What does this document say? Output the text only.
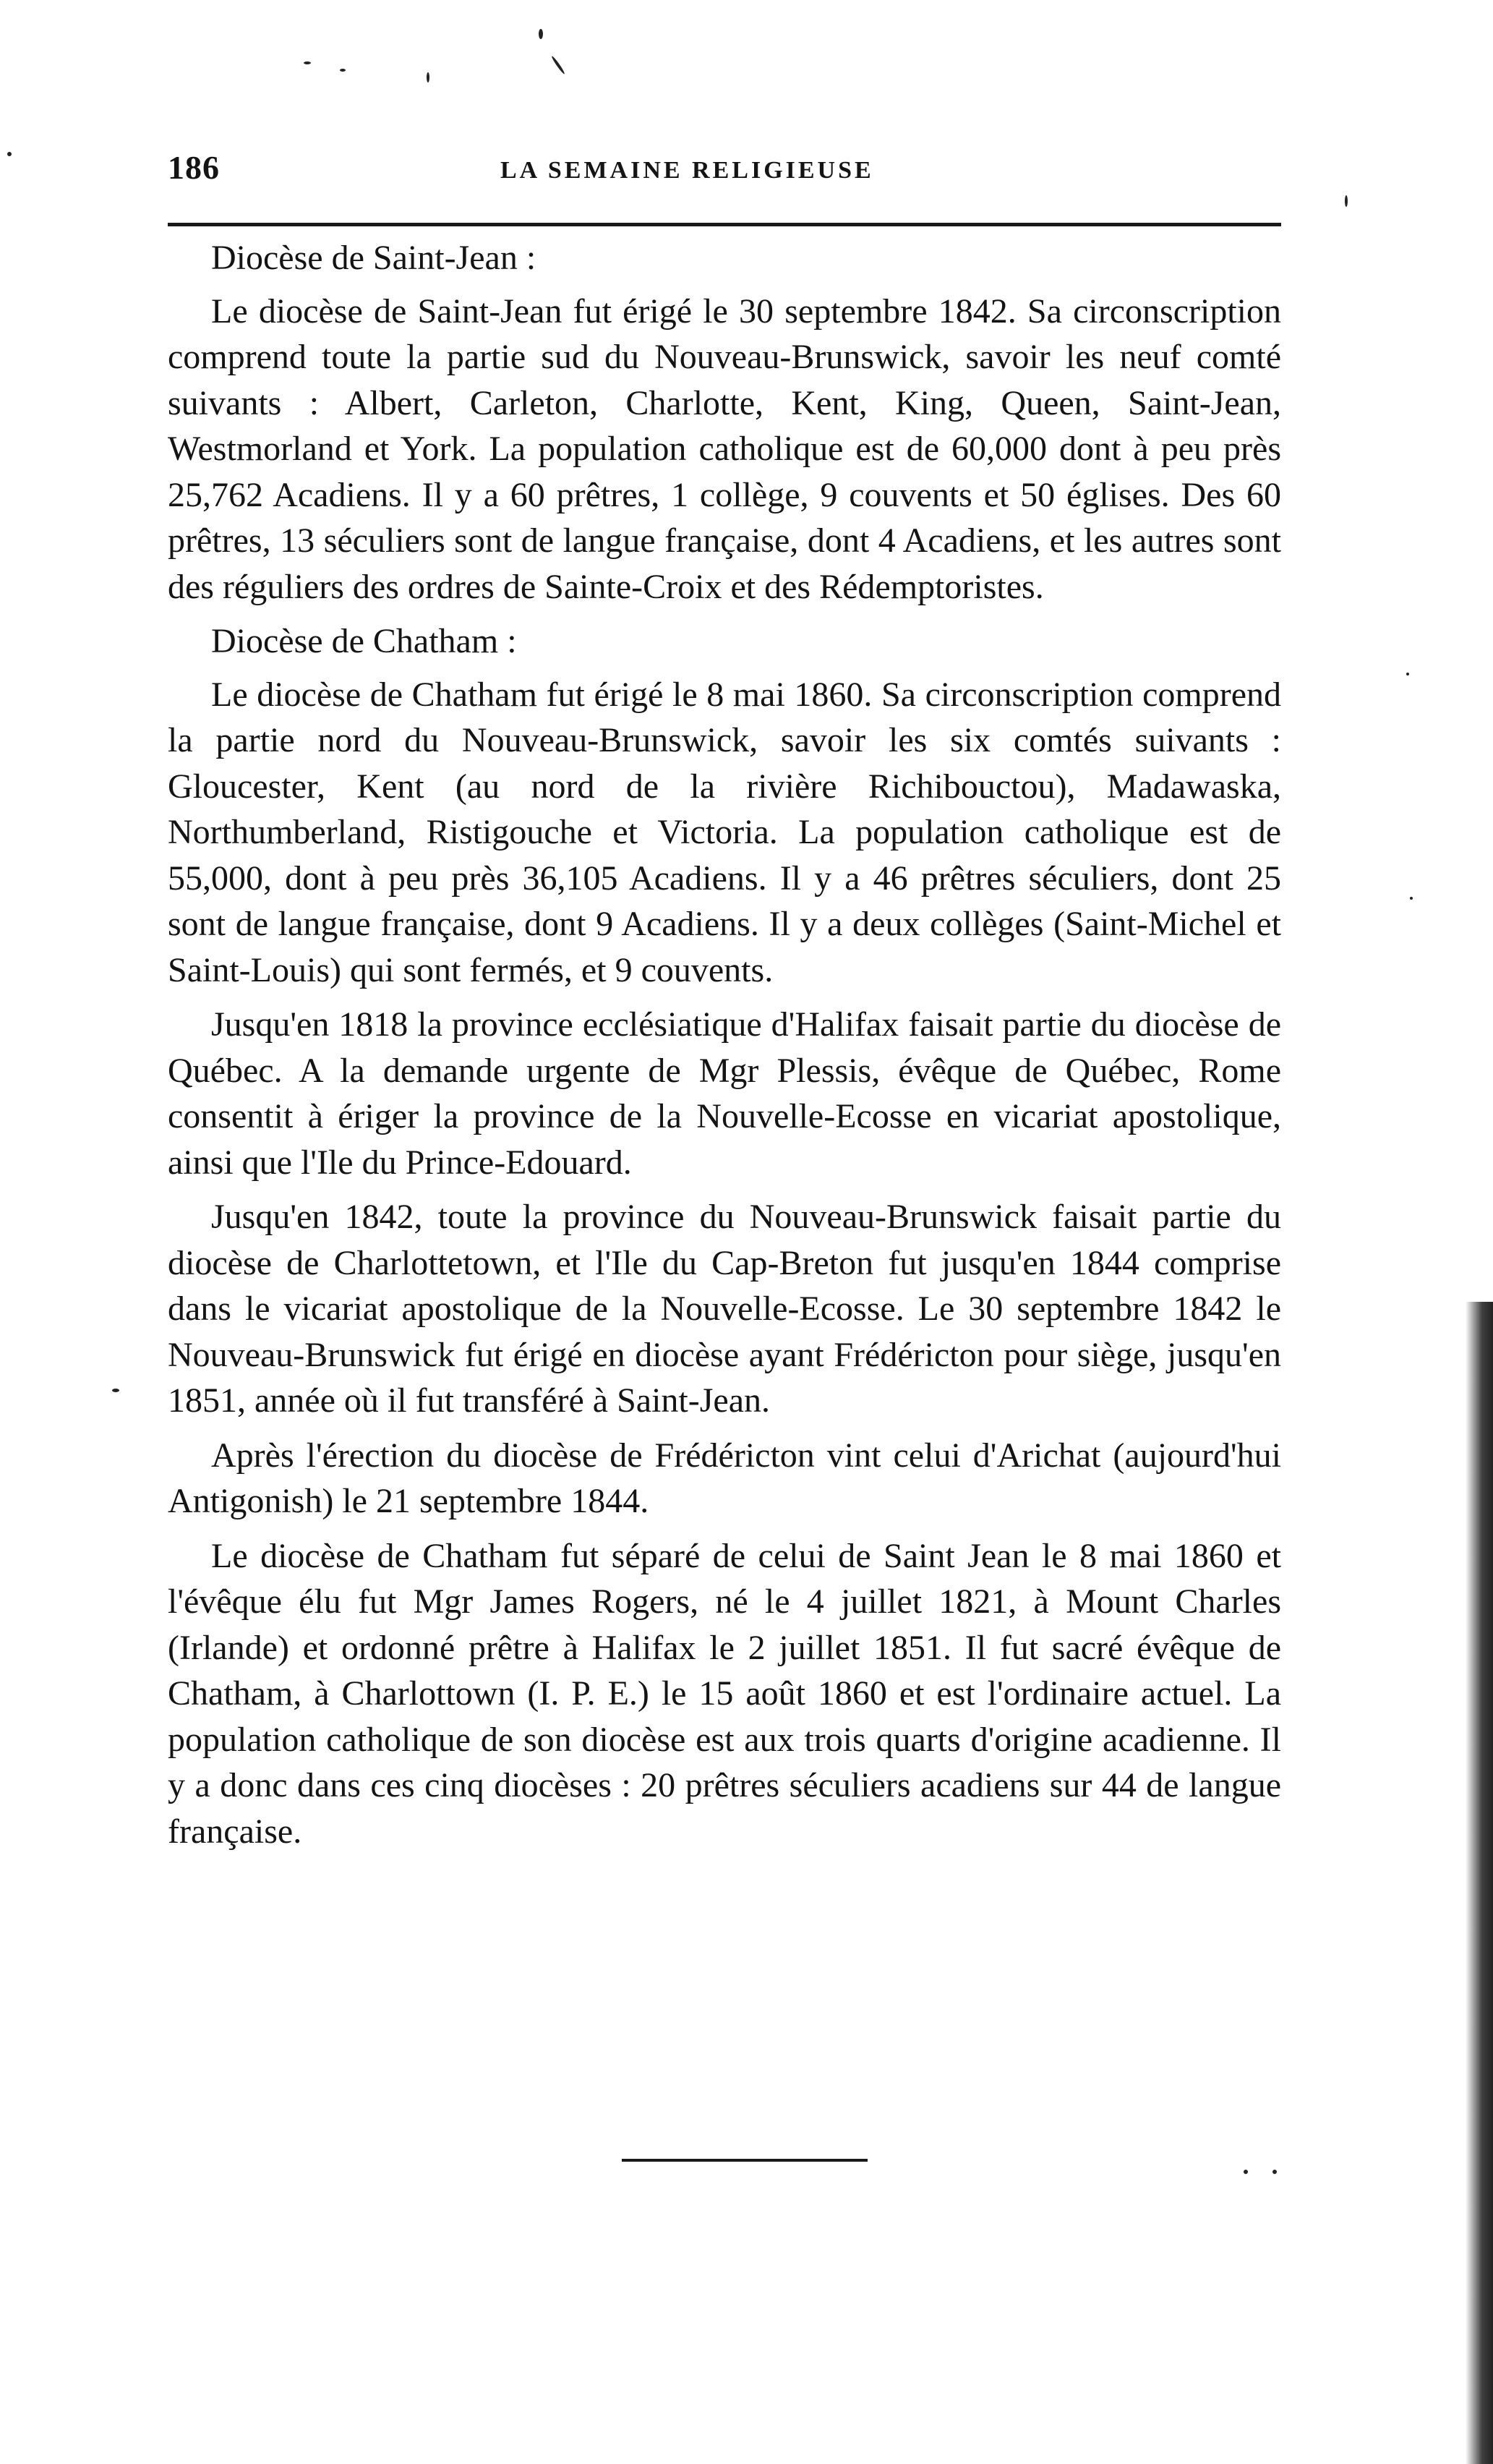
186	LA SEMAINE RELIGIEUSE

Diocèse de Saint-Jean :

Le diocèse de Saint-Jean fut érigé le 30 septembre 1842. Sa circonscription comprend toute la partie sud du Nouveau-Brunswick, savoir les neuf comté suivants : Albert, Carleton, Charlotte, Kent, King, Queen, Saint-Jean, Westmorland et York. La population catholique est de 60,000 dont à peu près 25,762 Acadiens. Il y a 60 prêtres, 1 collège, 9 couvents et 50 églises. Des 60 prêtres, 13 séculiers sont de langue française, dont 4 Acadiens, et les autres sont des réguliers des ordres de Sainte-Croix et des Rédemptoristes.

Diocèse de Chatham :

Le diocèse de Chatham fut érigé le 8 mai 1860. Sa circonscription comprend la partie nord du Nouveau-Brunswick, savoir les six comtés suivants : Gloucester, Kent (au nord de la rivière Richibouctou), Madawaska, Northumberland, Ristigouche et Victoria. La population catholique est de 55,000, dont à peu près 36,105 Acadiens. Il y a 46 prêtres séculiers, dont 25 sont de langue française, dont 9 Acadiens. Il y a deux collèges (Saint-Michel et Saint-Louis) qui sont fermés, et 9 couvents.

Jusqu'en 1818 la province ecclésiatique d'Halifax faisait partie du diocèse de Québec. A la demande urgente de Mgr Plessis, évêque de Québec, Rome consentit à ériger la province de la Nouvelle-Ecosse en vicariat apostolique, ainsi que l'Ile du Prince-Edouard.

Jusqu'en 1842, toute la province du Nouveau-Brunswick faisait partie du diocèse de Charlottetown, et l'Ile du Cap-Breton fut jusqu'en 1844 comprise dans le vicariat apostolique de la Nouvelle-Ecosse. Le 30 septembre 1842 le Nouveau-Brunswick fut érigé en diocèse ayant Frédéricton pour siège, jusqu'en 1851, année où il fut transféré à Saint-Jean.

Après l'érection du diocèse de Frédéricton vint celui d'Arichat (aujourd'hui Antigonish) le 21 septembre 1844.

Le diocèse de Chatham fut séparé de celui de Saint Jean le 8 mai 1860 et l'évêque élu fut Mgr James Rogers, né le 4 juillet 1821, à Mount Charles (Irlande) et ordonné prêtre à Halifax le 2 juillet 1851. Il fut sacré évêque de Chatham, à Charlottown (I. P. E.) le 15 août 1860 et est l'ordinaire actuel. La population catholique de son diocèse est aux trois quarts d'origine acadienne. Il y a donc dans ces cinq diocèses : 20 prêtres séculiers acadiens sur 44 de langue française.
